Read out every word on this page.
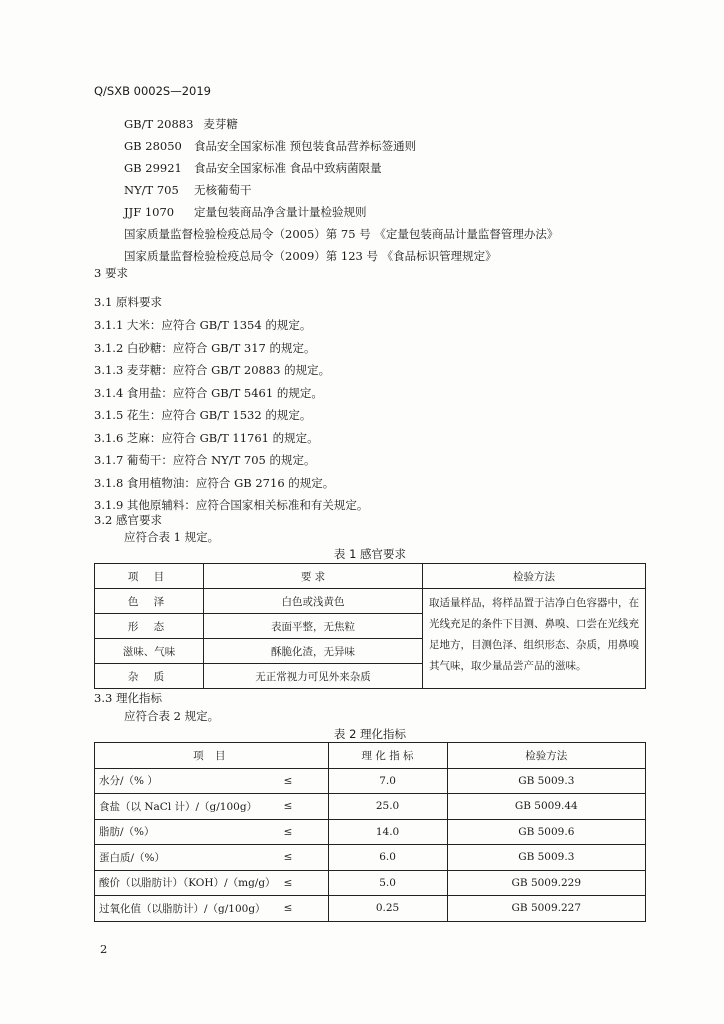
Q/SXB 0002S—2019
GB/T 20883 麦芽糖
GB 28050 食品安全国家标准 预包装食品营养标签通则
GB 29921 食品安全国家标准 食品中致病菌限量
NY/T 705 无核葡萄干
JJF 1070 定量包装商品净含量计量检验规则
国家质量监督检验检疫总局令（2005）第 75 号 《定量包装商品计量监督管理办法》
国家质量监督检验检疫总局令（2009）第 123 号 《食品标识管理规定》
3 要求
3.1 原料要求
3.1.1 大米：应符合 GB/T 1354 的规定。
3.1.2 白砂糖：应符合 GB/T 317 的规定。
3.1.3 麦芽糖：应符合 GB/T 20883 的规定。
3.1.4 食用盐：应符合 GB/T 5461 的规定。
3.1.5 花生：应符合 GB/T 1532 的规定。
3.1.6 芝麻：应符合 GB/T 11761 的规定。
3.1.7 葡萄干：应符合 NY/T 705 的规定。
3.1.8 食用植物油：应符合 GB 2716 的规定。
3.1.9 其他原辅料：应符合国家相关标准和有关规定。
3.2 感官要求
应符合表 1 规定。
表 1 感官要求
项 目	要 求	检验方法
色 泽	白色或浅黄色	取适量样品，将样品置于洁净白色容器中，在光线充足的条件下目测、鼻嗅、口尝在光线充足地方，目测色泽、组织形态、杂质，用鼻嗅其气味，取少量品尝产品的滋味。
形 态	表面平整，无焦粒	
滋味、气味	酥脆化渣，无异味	
杂 质	无正常视力可见外来杂质	
3.3 理化指标
应符合表 2 规定。
表 2 理化指标
项 目		理 化 指 标	检验方法
水分/（% ）	≤	7.0	GB 5009.3
食盐（以 NaCl 计）/（g/100g）	≤	25.0	GB 5009.44
脂肪/（%）	≤	14.0	GB 5009.6
蛋白质/（%）	≤	6.0	GB 5009.3
酸价（以脂肪计）（KOH）/（mg/g）	≤	5.0	GB 5009.229
过氧化值（以脂肪计）/（g/100g）	≤	0.25	GB 5009.227
2
